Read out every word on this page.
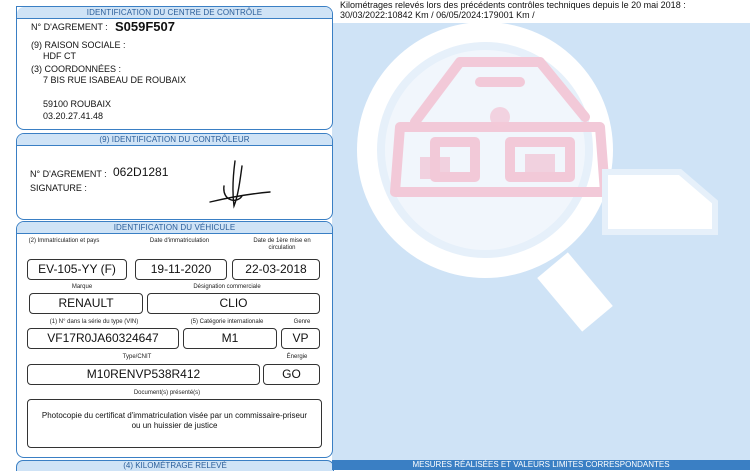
Kilométrages relevés lors des précédents contrôles techniques depuis le 20 mai 2018 :
30/03/2022:10842 Km / 06/05/2024:179001 Km /
IDENTIFICATION DU CENTRE DE CONTRÔLE
N° D'AGREMENT : S059F507
(9) RAISON SOCIALE :
HDF CT
(3) COORDONNÉES :
7 BIS RUE ISABEAU DE ROUBAIX
59100 ROUBAIX
03.20.27.41.48
(9) IDENTIFICATION DU CONTRÔLEUR
N° D'AGREMENT : 062D1281
SIGNATURE :
IDENTIFICATION DU VÉHICULE
(2) Immatriculation et pays	Date d'immatriculation	Date de 1ère mise en
circulation
EV-105-YY (F)	19-11-2020	22-03-2018
Marque	Désignation commerciale
RENAULT	CLIO
(1) N° dans la série du type (VIN)	(5) Catégorie internationale	Genre
VF17R0JA60324647	M1	VP
Type/CNIT	Énergie
M10RENVP538R412	GO
Document(s) présenté(s)
Photocopie du certificat d'immatriculation visée par un commissaire-priseur
ou un huissier de justice
(4) KILOMÉTRAGE RELEVÉ	MESURES RÉALISÉES ET VALEURS LIMITES CORRESPONDANTES
